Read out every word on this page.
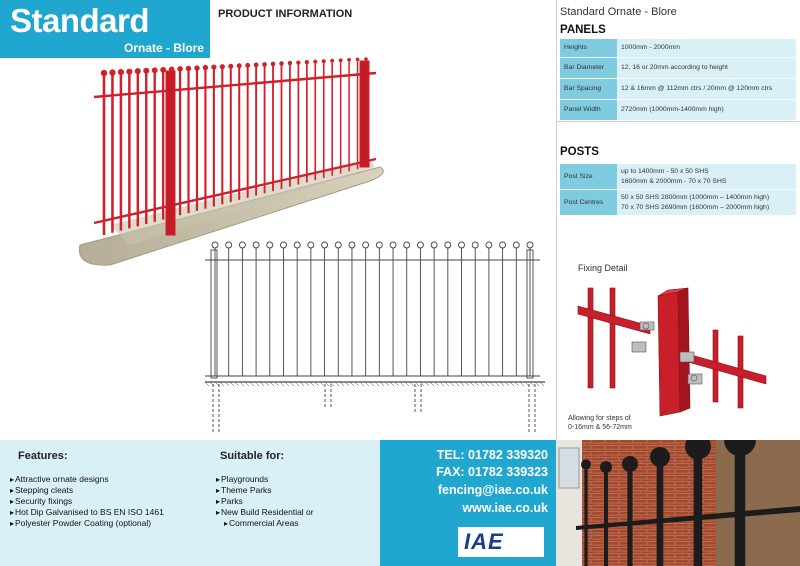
Standard
Ornate - Blore
PRODUCT INFORMATION	Standard Ornate - Blore
PANELS
Heights	1000mm - 2000mm
Bar Diameter	12, 16 or 20mm according to height
Bar Spacing	12 & 16mm @ 112mm ctrs / 20mm @ 120mm ctrs
Panel Width	2720mm (1000mm-1400mm high)
POSTS
Post Size	up to 1400mm - 50 x 50 SHS
1600mm & 2000mm - 70 x 70 SHS

Post Centres	50 x 50 SHS 2800mm (1000mm – 1400mm high)
70 x 70 SHS 2690mm (1600mm – 2000mm high)
Fixing Detail
Allowing for steps of
0-16mm & 56-72mm
Features:
▸ Attractive ornate designs
▸ Stepping cleats
▸ Security fixings
▸ Hot Dip Galvanised to BS EN ISO 1461
▸ Polyester Powder Coating (optional)
Suitable for:
▸ Playgrounds
▸ Theme Parks
▸ Parks
▸ New Build Residential or
▸ Commercial Areas
TEL: 01782 339320
FAX: 01782 339323
fencing@iae.co.uk
www.iae.co.uk
IAE
